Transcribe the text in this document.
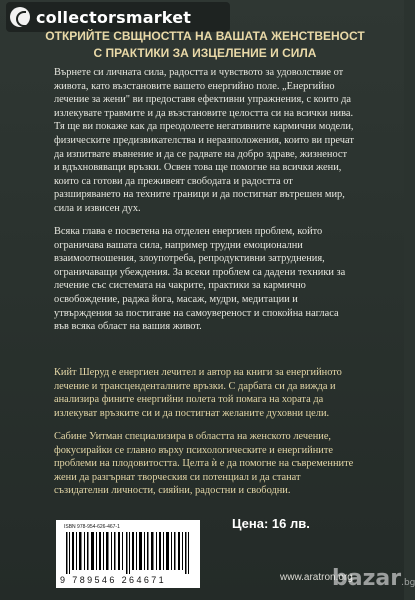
collectorsmarket
ОТКРИЙТЕ СВЩНОСТТА НА ВАШАТА ЖЕНСТВЕНОСТ
С ПРАКТИКИ ЗА ИЗЦЕЛЕНИЕ И СИЛА
Върнете си личната сила, радостта и чувството за удоволствие от живота, като възстановите вашето енергийно поле. „Енергийно лечение за жени" ви предоставя ефективни упражнения, с които да излекувате травмите и да възстановите целостта си на всички нива. Тя ще ви покаже как да преодолеете негативните кармични модели, физическите предизвикателства и неразположения, които ви пречат да изпитвате въвнение и да се радвате на добро здраве, жизненост и вдъхновяващи връзки. Освен това ще помогне на всички жени, които са готови да преживеят свободата и радостта от разширяването на техните граници и да постигнат вътрешен мир, сила и извисен дух.
Всяка глава е посветена на отделен енергиен проблем, който ограничава вашата сила, например трудни емоционални взаимоотношения, злоупотреба, репродуктивни затруднения, ограничаващи убеждения. За всеки проблем са дадени техники за лечение със системата на чакрите, практики за кармично освобождение, раджа йога, масаж, мудри, медитации и утвърждения за постигане на самоувереност и спокойна нагласа във всяка област на вашия живот.
Кийт Шеруд е енергиен лечител и автор на книги за енергийното лечение и трансценденталните връзки. С дарбата си да вижда и анализира фините енергийни полета той помага на хората да излекуват връзките си и да постигнат желаните духовни цели.
Сабине Уитман специализира в областта на женското лечение, фокусирайки се главно върху психологическите и енергийните проблеми на плодовитостта. Целта ѝ е да помогне на съвременните жени да разгърнат творческия си потенциал и да станат съзидателни личности, сияйни, радостни и свободни.
ISBN 978-954-626-467-1
9 789546 264671
Цена: 16 лв.
www.aratron.org
bazar.bg
